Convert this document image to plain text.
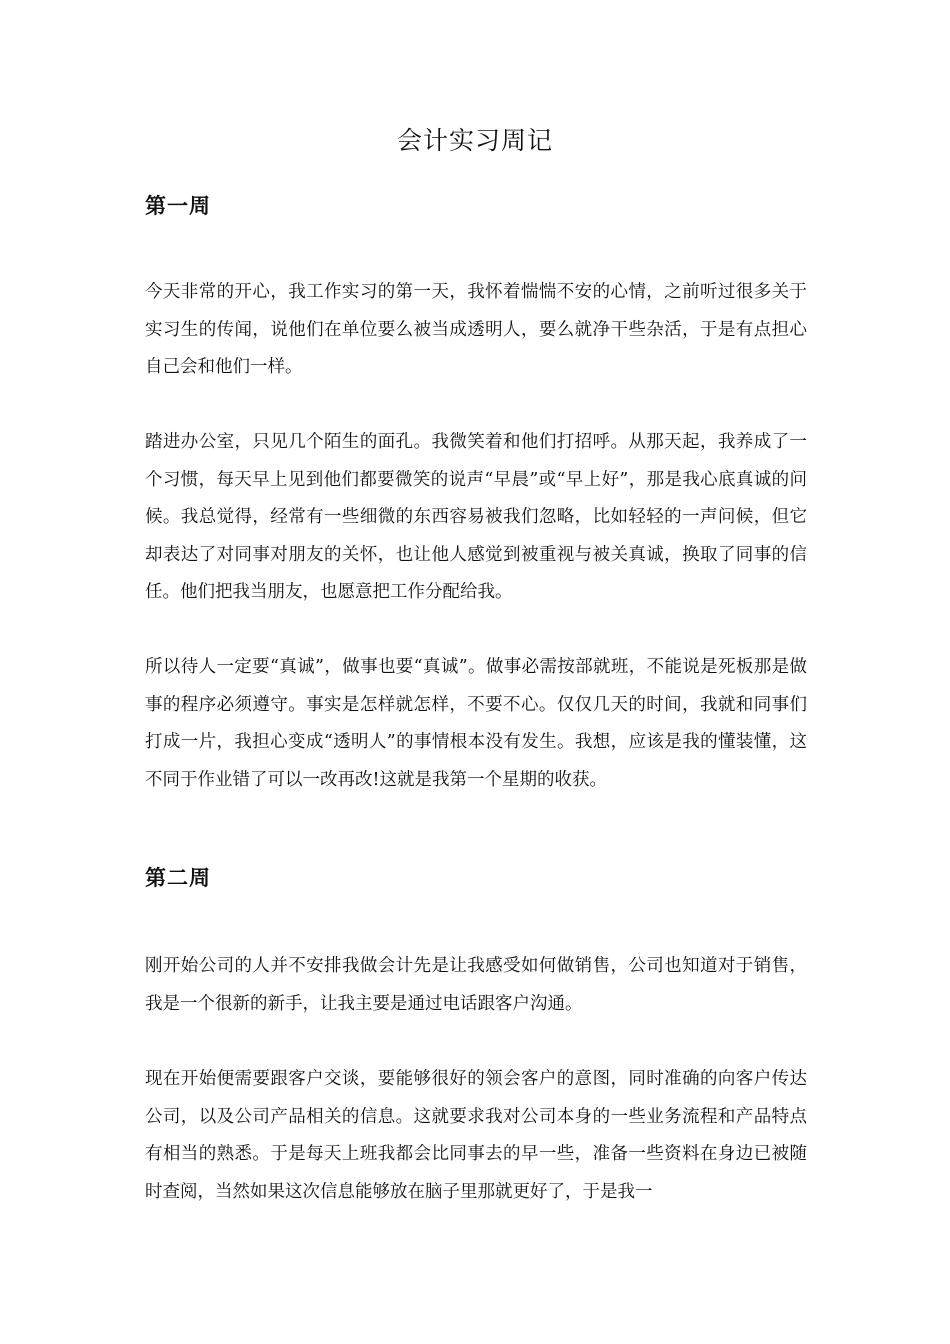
会计实习周记
第一周

今天非常的开心，我工作实习的第一天，我怀着惴惴不安的心情，之前听过很多关于实习生的传闻，说他们在单位要么被当成透明人，要么就净干些杂活，于是有点担心自己会和他们一样。

踏进办公室，只见几个陌生的面孔。我微笑着和他们打招呼。从那天起，我养成了一个习惯，每天早上见到他们都要微笑的说声“早晨”或“早上好”，那是我心底真诚的问候。我总觉得，经常有一些细微的东西容易被我们忽略，比如轻轻的一声问候，但它却表达了对同事对朋友的关怀，也让他人感觉到被重视与被关真诚，换取了同事的信任。他们把我当朋友，也愿意把工作分配给我。

所以待人一定要“真诚”，做事也要“真诚”。做事必需按部就班，不能说是死板那是做事的程序必须遵守。事实是怎样就怎样，不要不心。仅仅几天的时间，我就和同事们打成一片，我担心变成“透明人”的事情根本没有发生。我想，应该是我的懂装懂，这不同于作业错了可以一改再改!这就是我第一个星期的收获。

第二周

刚开始公司的人并不安排我做会计先是让我感受如何做销售，公司也知道对于销售，我是一个很新的新手，让我主要是通过电话跟客户沟通。

现在开始便需要跟客户交谈，要能够很好的领会客户的意图，同时准确的向客户传达公司，以及公司产品相关的信息。这就要求我对公司本身的一些业务流程和产品特点有相当的熟悉。于是每天上班我都会比同事去的早一些，准备一些资料在身边已被随时查阅，当然如果这次信息能够放在脑子里那就更好了，于是我一
